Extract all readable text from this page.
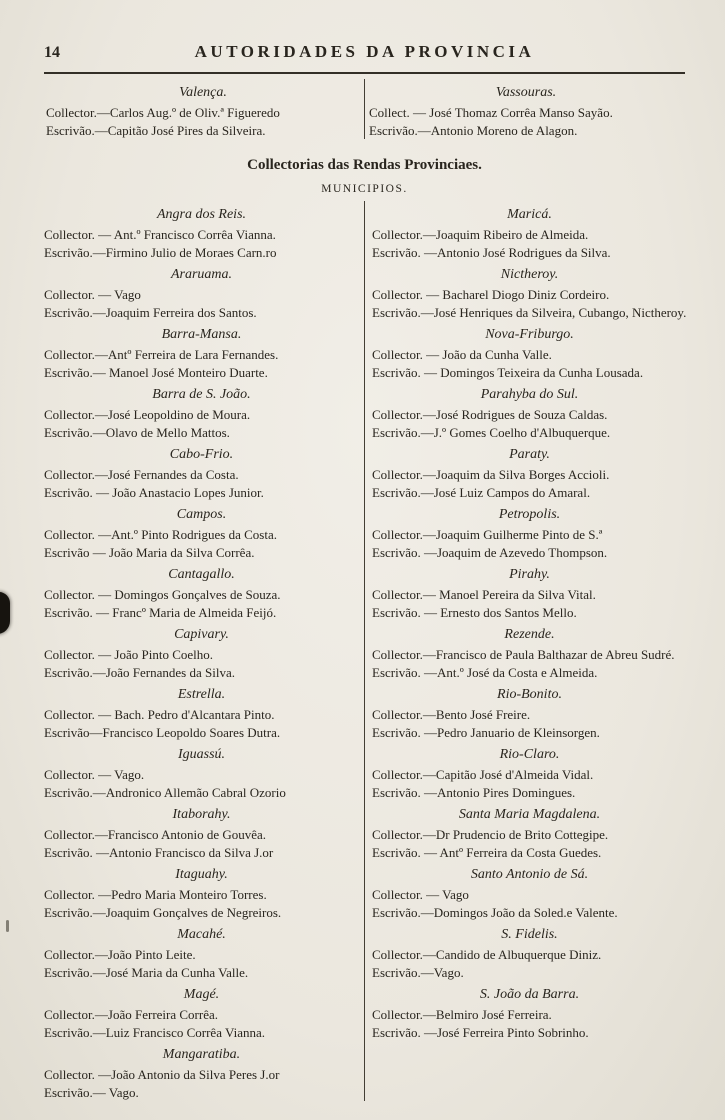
14	AUTORIDADES DA PROVINCIA
Valença.
Collector.—Carlos Aug.º de Oliv.ª Figueredo
Escrivão.—Capitão José Pires da Silveira.
Vassouras.
Collect. — José Thomaz Corrêa Manso Sayão.
Escrivão.—Antonio Moreno de Alagon.
Collectorias das Rendas Provinciaes.
MUNICIPIOS.
Angra dos Reis.
Collector. — Ant.º Francisco Corrêa Vianna.
Escrivão.—Firmino Julio de Moraes Carn.ro
Araruama.
Collector. — Vago
Escrivão.—Joaquim Ferreira dos Santos.
Barra-Mansa.
Collector.—Antº Ferreira de Lara Fernandes.
Escrivão.— Manoel José Monteiro Duarte.
Barra de S. João.
Collector.—José Leopoldino de Moura.
Escrivão.—Olavo de Mello Mattos.
Cabo-Frio.
Collector.—José Fernandes da Costa.
Escrivão. — João Anastacio Lopes Junior.
Campos.
Collector. —Ant.º Pinto Rodrigues da Costa.
Escrivão — João Maria da Silva Corrêa.
Cantagallo.
Collector. — Domingos Gonçalves de Souza.
Escrivão. — Francº Maria de Almeida Feijó.
Capivary.
Collector. — João Pinto Coelho.
Escrivão.—João Fernandes da Silva.
Estrella.
Collector. — Bach. Pedro d'Alcantara Pinto.
Escrivão—Francisco Leopoldo Soares Dutra.
Iguassú.
Collector. — Vago.
Escrivão.—Andronico Allemão Cabral Ozorio
Itaborahy.
Collector.—Francisco Antonio de Gouvêa.
Escrivão. —Antonio Francisco da Silva J.or
Itaguahy.
Collector. —Pedro Maria Monteiro Torres.
Escrivão.—Joaquim Gonçalves de Negreiros.
Macahé.
Collector.—João Pinto Leite.
Escrivão.—José Maria da Cunha Valle.
Magé.
Collector.—João Ferreira Corrêa.
Escrivão.—Luiz Francisco Corrêa Vianna.
Mangaratiba.
Collector. —João Antonio da Silva Peres J.or
Escrivão.— Vago.
Maricá.
Collector.—Joaquim Ribeiro de Almeida.
Escrivão. —Antonio José Rodrigues da Silva.
Nictheroy.
Collector. — Bacharel Diogo Diniz Cordeiro.
Escrivão.—José Henriques da Silveira, Cubango, Nictheroy.
Nova-Friburgo.
Collector. — João da Cunha Valle.
Escrivão. — Domingos Teixeira da Cunha Lousada.
Parahyba do Sul.
Collector.—José Rodrigues de Souza Caldas.
Escrivão.—J.º Gomes Coelho d'Albuquerque.
Paraty.
Collector.—Joaquim da Silva Borges Accioli.
Escrivão.—José Luiz Campos do Amaral.
Petropolis.
Collector.—Joaquim Guilherme Pinto de S.ª
Escrivão. —Joaquim de Azevedo Thompson.
Pirahy.
Collector.— Manoel Pereira da Silva Vital.
Escrivão. — Ernesto dos Santos Mello.
Rezende.
Collector.—Francisco de Paula Balthazar de Abreu Sudré.
Escrivão. —Ant.º José da Costa e Almeida.
Rio-Bonito.
Collector.—Bento José Freire.
Escrivão. —Pedro Januario de Kleinsorgen.
Rio-Claro.
Collector.—Capitão José d'Almeida Vidal.
Escrivão. —Antonio Pires Domingues.
Santa Maria Magdalena.
Collector.—Dr Prudencio de Brito Cottegipe.
Escrivão. — Antº Ferreira da Costa Guedes.
Santo Antonio de Sá.
Collector. — Vago
Escrivão.—Domingos João da Soled.e Valente.
S. Fidelis.
Collector.—Candido de Albuquerque Diniz.
Escrivão.—Vago.
S. João da Barra.
Collector.—Belmiro José Ferreira.
Escrivão. —José Ferreira Pinto Sobrinho.
